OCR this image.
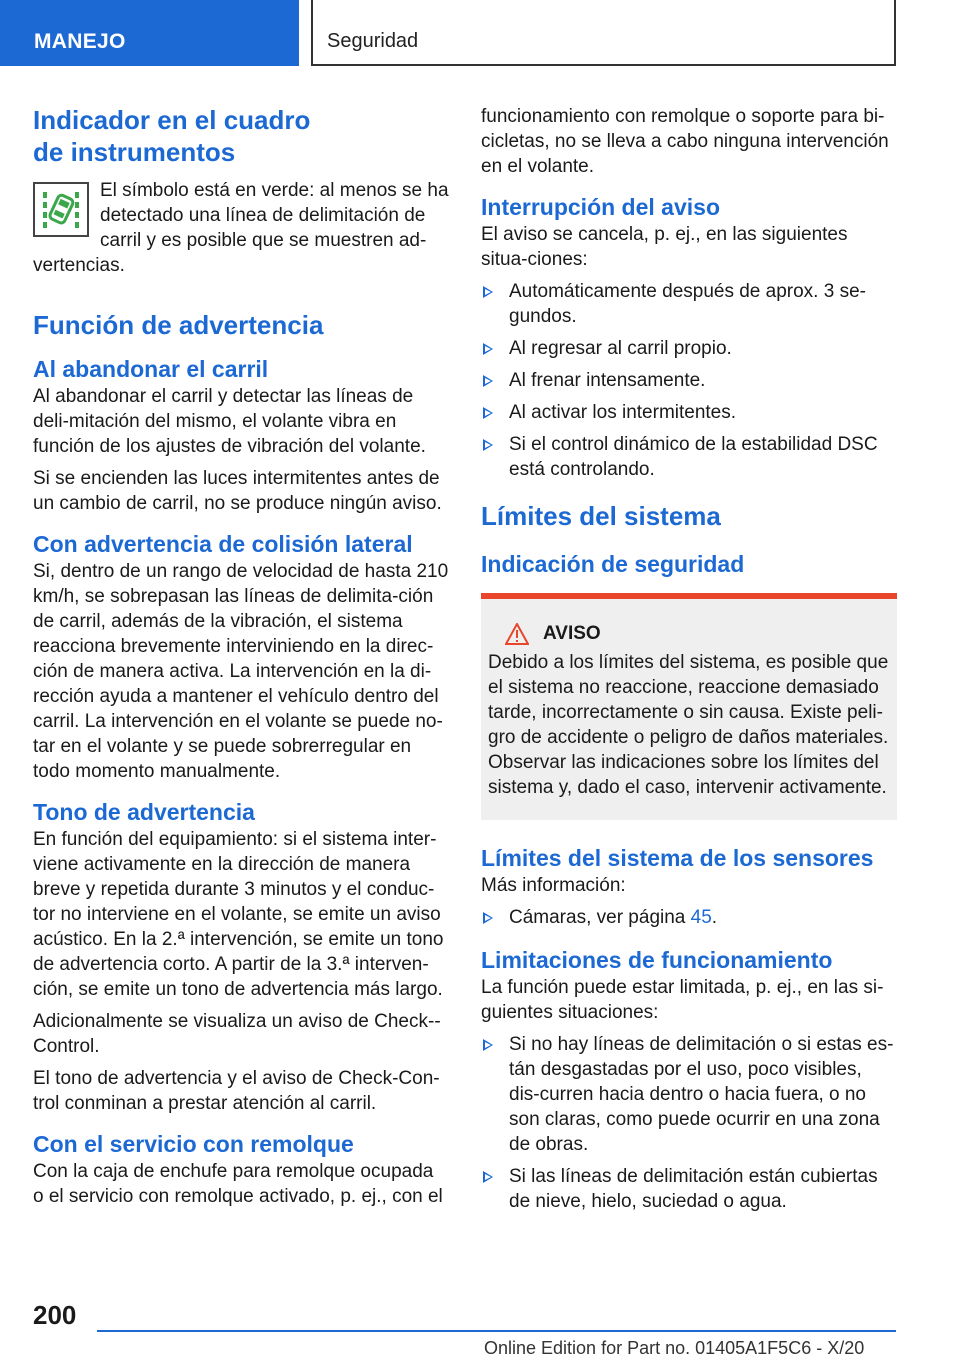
MANEJO	Seguridad
Indicador en el cuadro de instrumentos

El símbolo está en verde: al menos se ha detectado una línea de delimitación de carril y es posible que se muestren ad-vertencias.

Función de advertencia
Al abandonar el carril

Al abandonar el carril y detectar las líneas de deli-mitación del mismo, el volante vibra en función de los ajustes de vibración del volante.

Si se encienden las luces intermitentes antes de un cambio de carril, no se produce ningún aviso.

Con advertencia de colisión lateral

Si, dentro de un rango de velocidad de hasta 210 km/h, se sobrepasan las líneas de delimita-ción de carril, además de la vibración, el sistema reacciona brevemente interviniendo en la direc-ción de manera activa. La intervención en la di-rección ayuda a mantener el vehículo dentro del carril. La intervención en el volante se puede no-tar en el volante y se puede sobrerregular en todo momento manualmente.

Tono de advertencia

En función del equipamiento: si el sistema inter-viene activamente en la dirección de manera breve y repetida durante 3 minutos y el conduc-tor no interviene en el volante, se emite un aviso acústico. En la 2.ª intervención, se emite un tono de advertencia corto. A partir de la 3.ª interven-ción, se emite un tono de advertencia más largo.

Adicionalmente se visualiza un aviso de Check--Control.

El tono de advertencia y el aviso de Check-Con-trol conminan a prestar atención al carril.

Con el servicio con remolque

Con la caja de enchufe para remolque ocupada o el servicio con remolque activado, p. ej., con el

funcionamiento con remolque o soporte para bi-cicletas, no se lleva a cabo ninguna intervención en el volante.

Interrupción del aviso

El aviso se cancela, p. ej., en las siguientes situa-ciones:

Automáticamente después de aprox. 3 se-gundos.
Al regresar al carril propio.
Al frenar intensamente.
Al activar los intermitentes.
Si el control dinámico de la estabilidad DSC está controlando.
Límites del sistema
Indicación de seguridad
AVISO

Debido a los límites del sistema, es posible que el sistema no reaccione, reaccione demasiado tarde, incorrectamente o sin causa. Existe peli-gro de accidente o peligro de daños materiales. Observar las indicaciones sobre los límites del sistema y, dado el caso, intervenir activamente.

Límites del sistema de los sensores

Más información:

Cámaras, ver página 45.
Limitaciones de funcionamiento

La función puede estar limitada, p. ej., en las si-guientes situaciones:

Si no hay líneas de delimitación o si estas es-tán desgastadas por el uso, poco visibles, dis-curren hacia dentro o hacia fuera, o no son claras, como puede ocurrir en una zona de obras.
Si las líneas de delimitación están cubiertas de nieve, hielo, suciedad o agua.
200
Online Edition for Part no. 01405A1F5C6 - X/20
